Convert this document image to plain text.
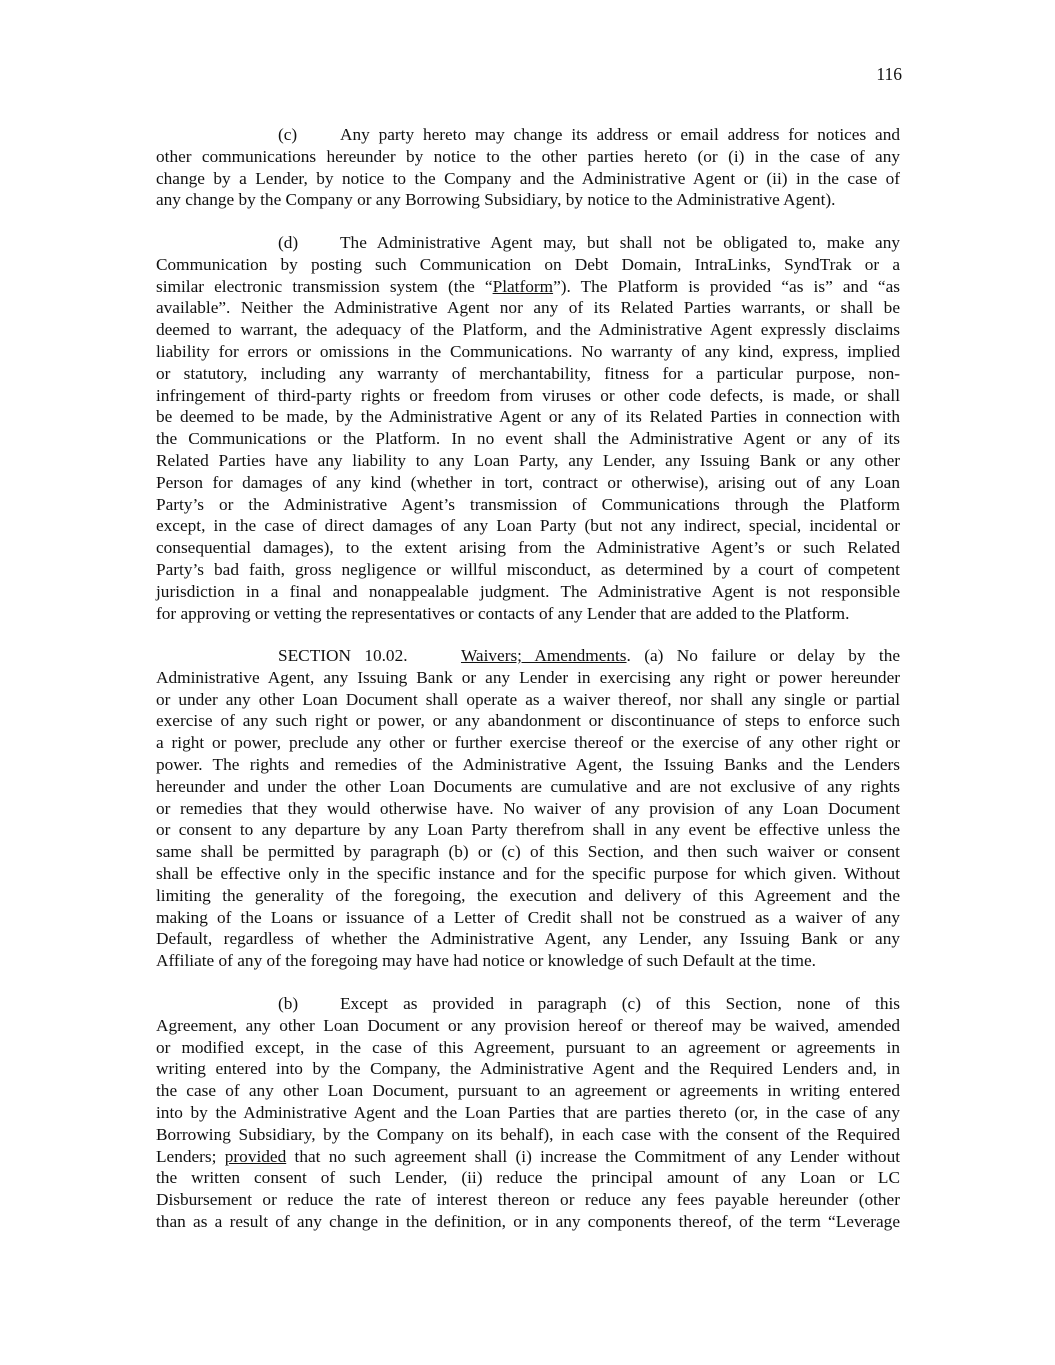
116
(c) Any party hereto may change its address or email address for notices and
other communications hereunder by notice to the other parties hereto (or (i) in the case of any
change by a Lender, by notice to the Company and the Administrative Agent or (ii) in the case of
any change by the Company or any Borrowing Subsidiary, by notice to the Administrative Agent).
(d) The Administrative Agent may, but shall not be obligated to, make any
Communication by posting such Communication on Debt Domain, IntraLinks, SyndTrak or a
similar electronic transmission system (the “Platform”). The Platform is provided “as is” and “as
available”. Neither the Administrative Agent nor any of its Related Parties warrants, or shall be
deemed to warrant, the adequacy of the Platform, and the Administrative Agent expressly disclaims
liability for errors or omissions in the Communications. No warranty of any kind, express, implied
or statutory, including any warranty of merchantability, fitness for a particular purpose, non-
infringement of third-party rights or freedom from viruses or other code defects, is made, or shall
be deemed to be made, by the Administrative Agent or any of its Related Parties in connection with
the Communications or the Platform. In no event shall the Administrative Agent or any of its
Related Parties have any liability to any Loan Party, any Lender, any Issuing Bank or any other
Person for damages of any kind (whether in tort, contract or otherwise), arising out of any Loan
Party’s or the Administrative Agent’s transmission of Communications through the Platform
except, in the case of direct damages of any Loan Party (but not any indirect, special, incidental or
consequential damages), to the extent arising from the Administrative Agent’s or such Related
Party’s bad faith, gross negligence or willful misconduct, as determined by a court of competent
jurisdiction in a final and nonappealable judgment. The Administrative Agent is not responsible
for approving or vetting the representatives or contacts of any Lender that are added to the Platform.
SECTION 10.02.	Waivers; Amendments. (a) No failure or delay by the
Administrative Agent, any Issuing Bank or any Lender in exercising any right or power hereunder
or under any other Loan Document shall operate as a waiver thereof, nor shall any single or partial
exercise of any such right or power, or any abandonment or discontinuance of steps to enforce such
a right or power, preclude any other or further exercise thereof or the exercise of any other right or
power. The rights and remedies of the Administrative Agent, the Issuing Banks and the Lenders
hereunder and under the other Loan Documents are cumulative and are not exclusive of any rights
or remedies that they would otherwise have. No waiver of any provision of any Loan Document
or consent to any departure by any Loan Party therefrom shall in any event be effective unless the
same shall be permitted by paragraph (b) or (c) of this Section, and then such waiver or consent
shall be effective only in the specific instance and for the specific purpose for which given. Without
limiting the generality of the foregoing, the execution and delivery of this Agreement and the
making of the Loans or issuance of a Letter of Credit shall not be construed as a waiver of any
Default, regardless of whether the Administrative Agent, any Lender, any Issuing Bank or any
Affiliate of any of the foregoing may have had notice or knowledge of such Default at the time.
(b) Except as provided in paragraph (c) of this Section, none of this
Agreement, any other Loan Document or any provision hereof or thereof may be waived, amended
or modified except, in the case of this Agreement, pursuant to an agreement or agreements in
writing entered into by the Company, the Administrative Agent and the Required Lenders and, in
the case of any other Loan Document, pursuant to an agreement or agreements in writing entered
into by the Administrative Agent and the Loan Parties that are parties thereto (or, in the case of any
Borrowing Subsidiary, by the Company on its behalf), in each case with the consent of the Required
Lenders; provided that no such agreement shall (i) increase the Commitment of any Lender without
the written consent of such Lender, (ii) reduce the principal amount of any Loan or LC
Disbursement or reduce the rate of interest thereon or reduce any fees payable hereunder (other
than as a result of any change in the definition, or in any components thereof, of the term “Leverage
